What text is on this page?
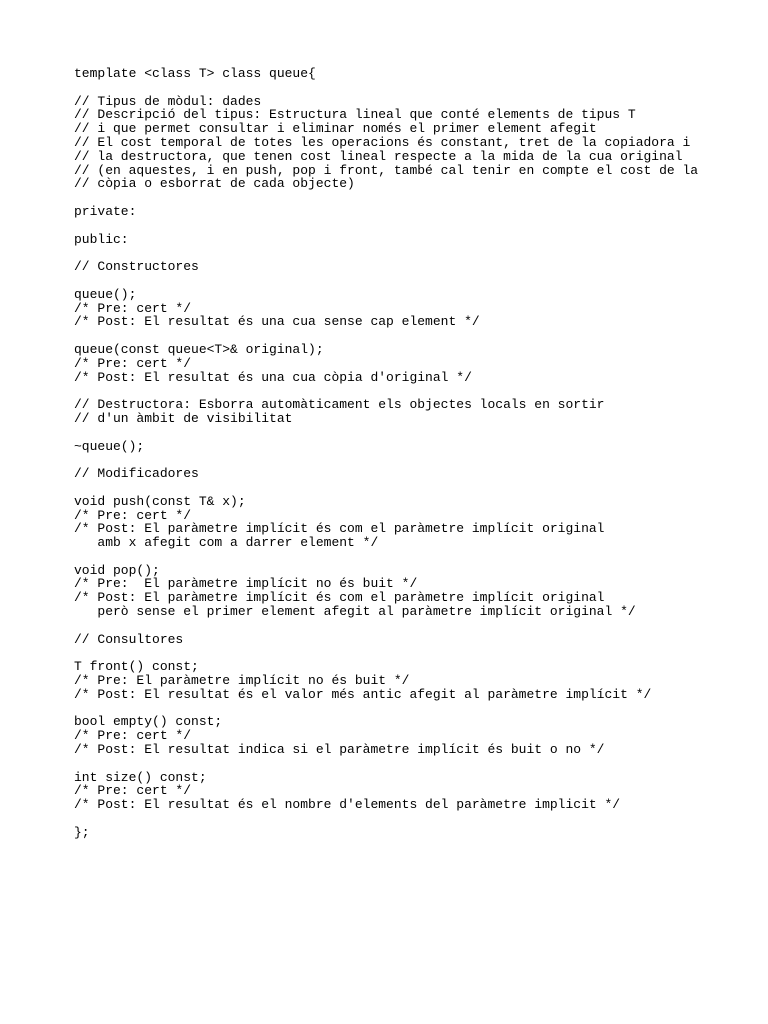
template <class T> class queue{
// Tipus de mòdul: dades
// Descripció del tipus: Estructura lineal que conté elements de tipus T
// i que permet consultar i eliminar només el primer element afegit
// El cost temporal de totes les operacions és constant, tret de la copiadora i
// la destructora, que tenen cost lineal respecte a la mida de la cua original
// (en aquestes, i en push, pop i front, també cal tenir en compte el cost de la
// còpia o esborrat de cada objecte)
private:
public:
// Constructores
queue();
/* Pre: cert */
/* Post: El resultat és una cua sense cap element */
queue(const queue<T>& original);
/* Pre: cert */
/* Post: El resultat és una cua còpia d'original */
// Destructora: Esborra automàticament els objectes locals en sortir
// d'un àmbit de visibilitat
~queue();
// Modificadores
void push(const T& x);
/* Pre: cert */
/* Post: El paràmetre implícit és com el paràmetre implícit original
amb x afegit com a darrer element */
void pop();
/* Pre:  El paràmetre implícit no és buit */
/* Post: El paràmetre implícit és com el paràmetre implícit original
però sense el primer element afegit al paràmetre implícit original */
// Consultores
T front() const;
/* Pre: El paràmetre implícit no és buit */
/* Post: El resultat és el valor més antic afegit al paràmetre implícit */
bool empty() const;
/* Pre: cert */
/* Post: El resultat indica si el paràmetre implícit és buit o no */
int size() const;
/* Pre: cert */
/* Post: El resultat és el nombre d'elements del paràmetre implicit */
};
